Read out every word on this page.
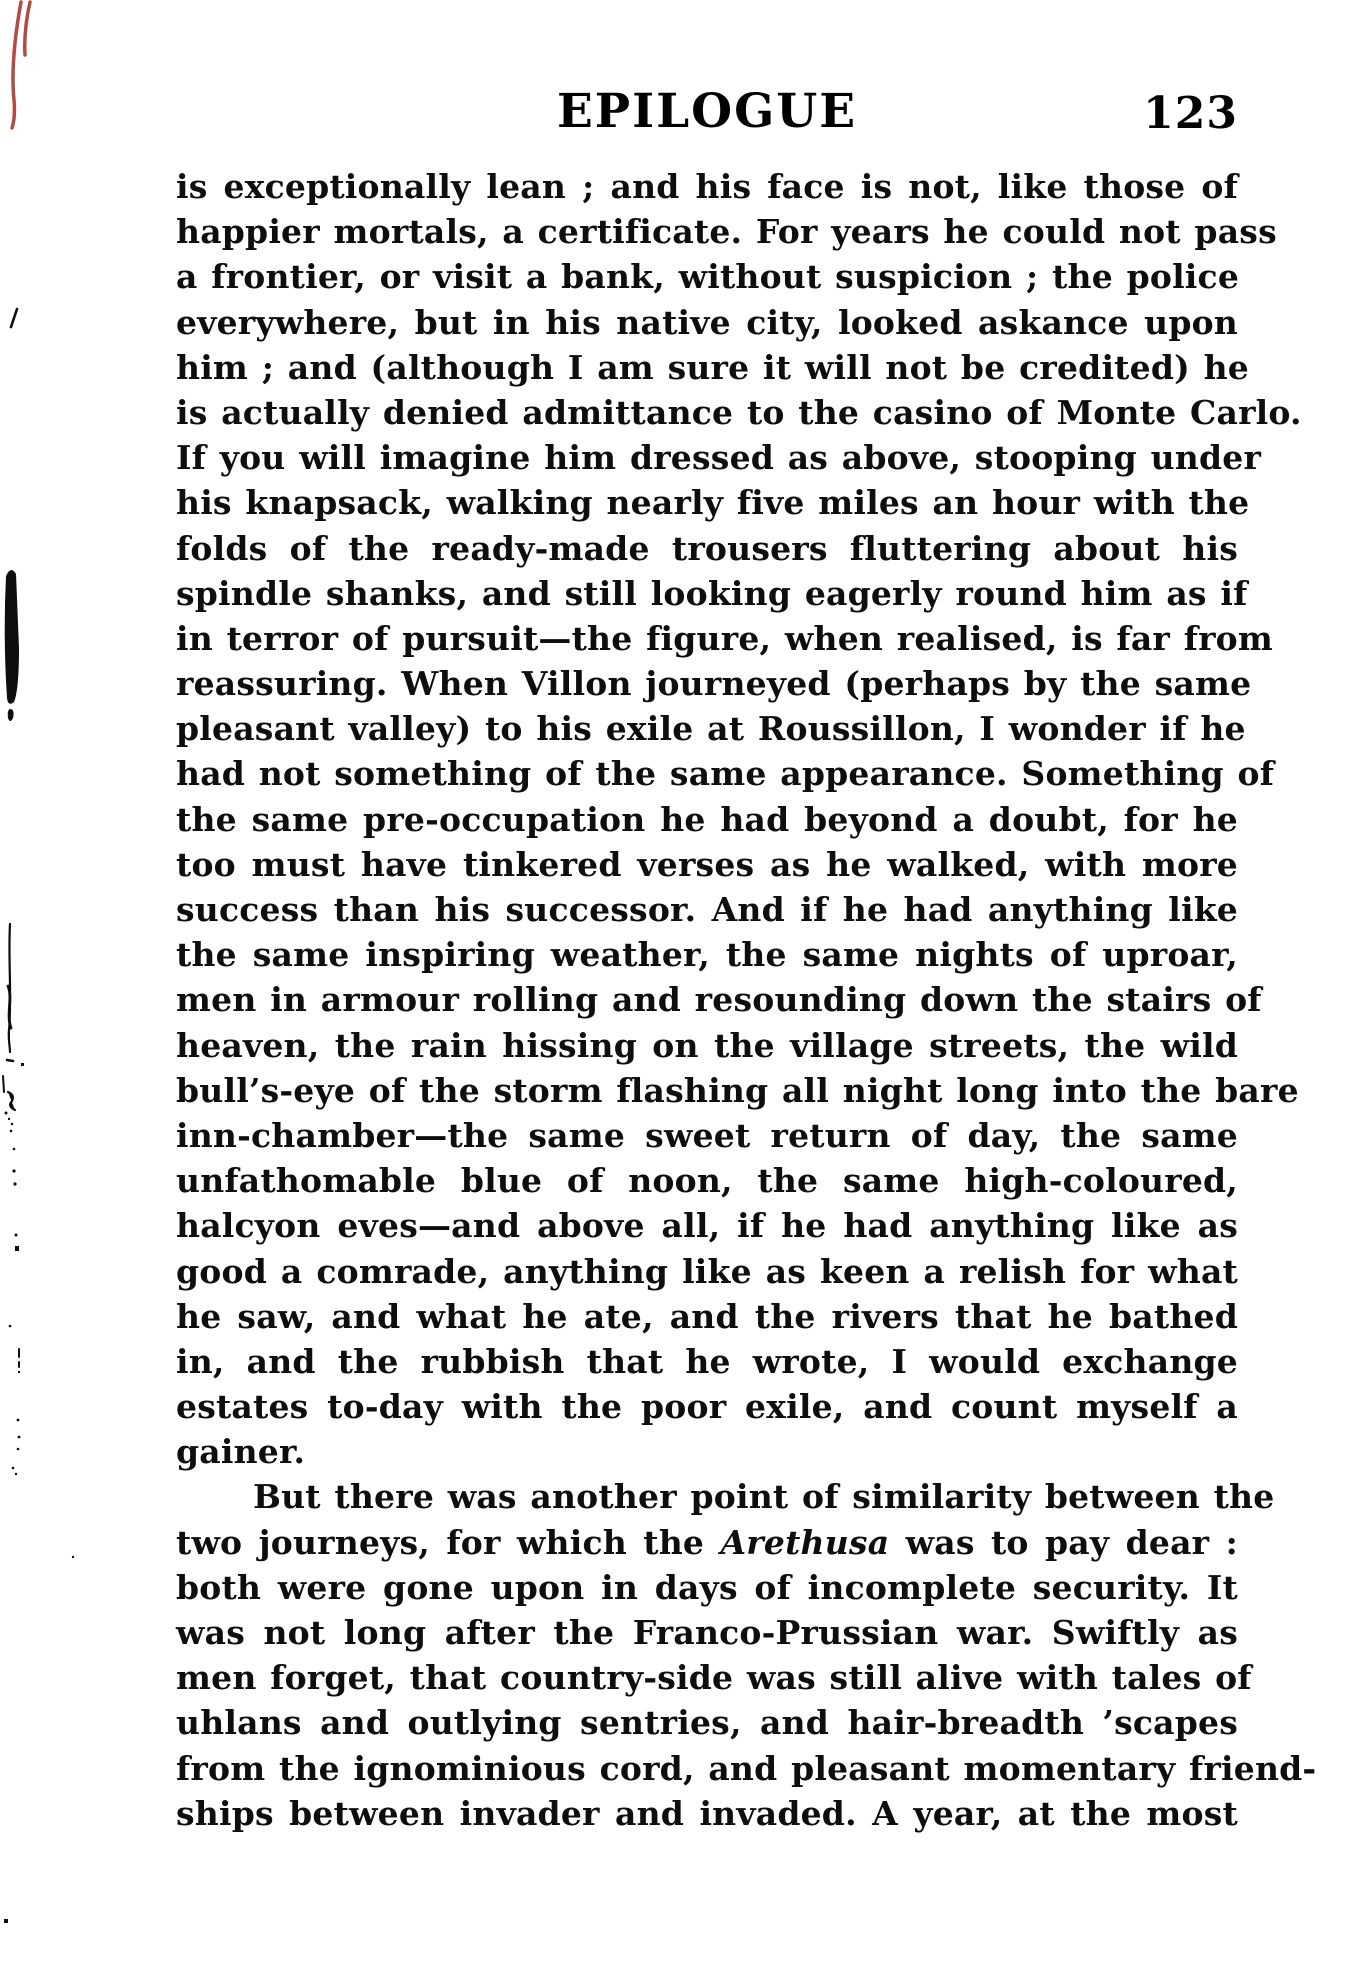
EPILOGUE	123
is exceptionally lean ; and his face is not, like those of
happier mortals, a certificate. For years he could not pass
a frontier, or visit a bank, without suspicion ; the police
everywhere, but in his native city, looked askance upon
him ; and (although I am sure it will not be credited) he
is actually denied admittance to the casino of Monte Carlo.
If you will imagine him dressed as above, stooping under
his knapsack, walking nearly five miles an hour with the
folds of the ready-made trousers fluttering about his
spindle shanks, and still looking eagerly round him as if
in terror of pursuit—the figure, when realised, is far from
reassuring. When Villon journeyed (perhaps by the same
pleasant valley) to his exile at Roussillon, I wonder if he
had not something of the same appearance. Something of
the same pre-occupation he had beyond a doubt, for he
too must have tinkered verses as he walked, with more
success than his successor. And if he had anything like
the same inspiring weather, the same nights of uproar,
men in armour rolling and resounding down the stairs of
heaven, the rain hissing on the village streets, the wild
bull’s-eye of the storm flashing all night long into the bare
inn-chamber—the same sweet return of day, the same
unfathomable blue of noon, the same high-coloured,
halcyon eves—and above all, if he had anything like as
good a comrade, anything like as keen a relish for what
he saw, and what he ate, and the rivers that he bathed
in, and the rubbish that he wrote, I would exchange
estates to-day with the poor exile, and count myself a
gainer.
But there was another point of similarity between the
two journeys, for which the Arethusa was to pay dear :
both were gone upon in days of incomplete security. It
was not long after the Franco-Prussian war. Swiftly as
men forget, that country-side was still alive with tales of
uhlans and outlying sentries, and hair-breadth ’scapes
from the ignominious cord, and pleasant momentary friend-
ships between invader and invaded. A year, at the most
